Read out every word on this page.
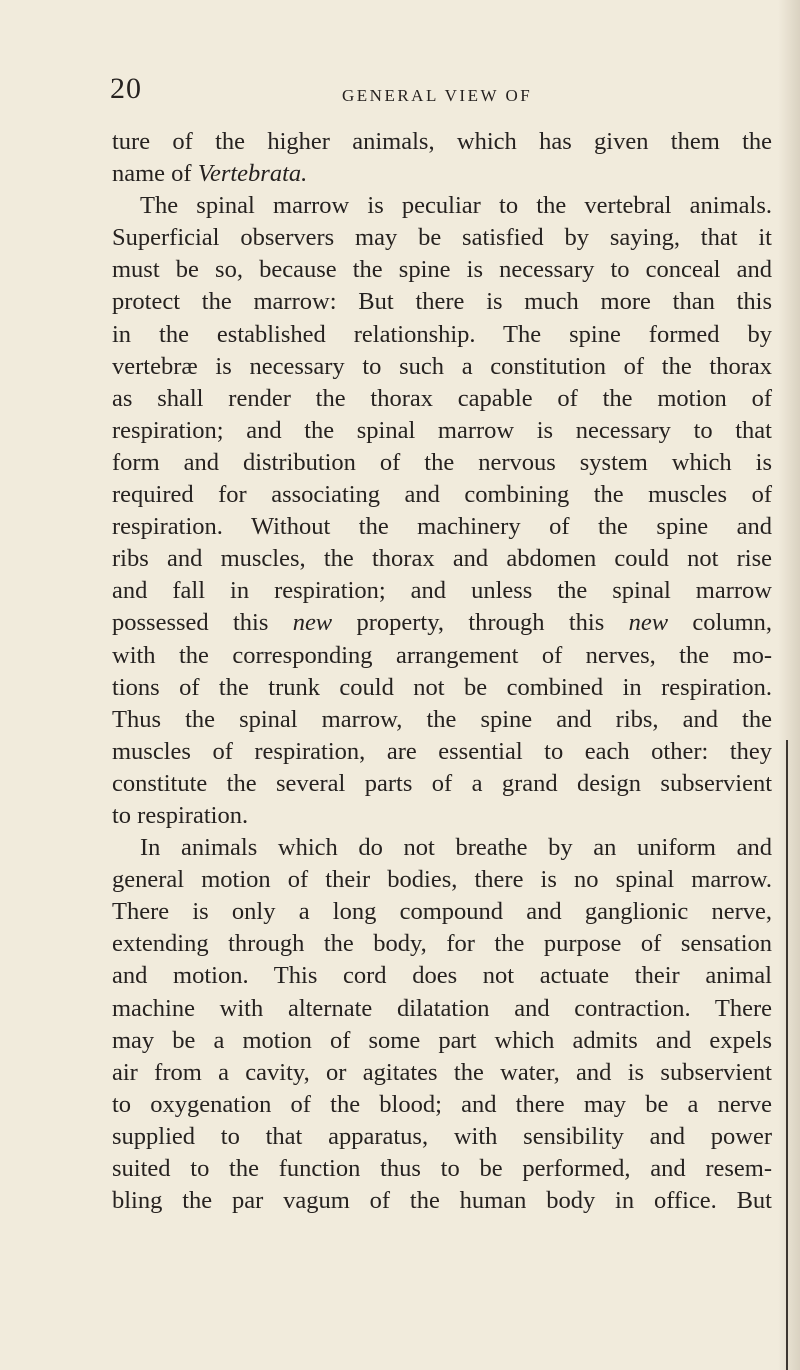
20	GENERAL VIEW OF
ture of the higher animals, which has given them the
name of Vertebrata.
The spinal marrow is peculiar to the vertebral animals.
Superficial observers may be satisfied by saying, that it
must be so, because the spine is necessary to conceal and
protect the marrow: But there is much more than this
in the established relationship. The spine formed by
vertebræ is necessary to such a constitution of the thorax
as shall render the thorax capable of the motion of
respiration; and the spinal marrow is necessary to that
form and distribution of the nervous system which is
required for associating and combining the muscles of
respiration. Without the machinery of the spine and
ribs and muscles, the thorax and abdomen could not rise
and fall in respiration; and unless the spinal marrow
possessed this new property, through this new column,
with the corresponding arrangement of nerves, the mo-
tions of the trunk could not be combined in respiration.
Thus the spinal marrow, the spine and ribs, and the
muscles of respiration, are essential to each other: they
constitute the several parts of a grand design subservient
to respiration.
In animals which do not breathe by an uniform and
general motion of their bodies, there is no spinal marrow.
There is only a long compound and ganglionic nerve,
extending through the body, for the purpose of sensation
and motion. This cord does not actuate their animal
machine with alternate dilatation and contraction. There
may be a motion of some part which admits and expels
air from a cavity, or agitates the water, and is subservient
to oxygenation of the blood; and there may be a nerve
supplied to that apparatus, with sensibility and power
suited to the function thus to be performed, and resem-
bling the par vagum of the human body in office. But
